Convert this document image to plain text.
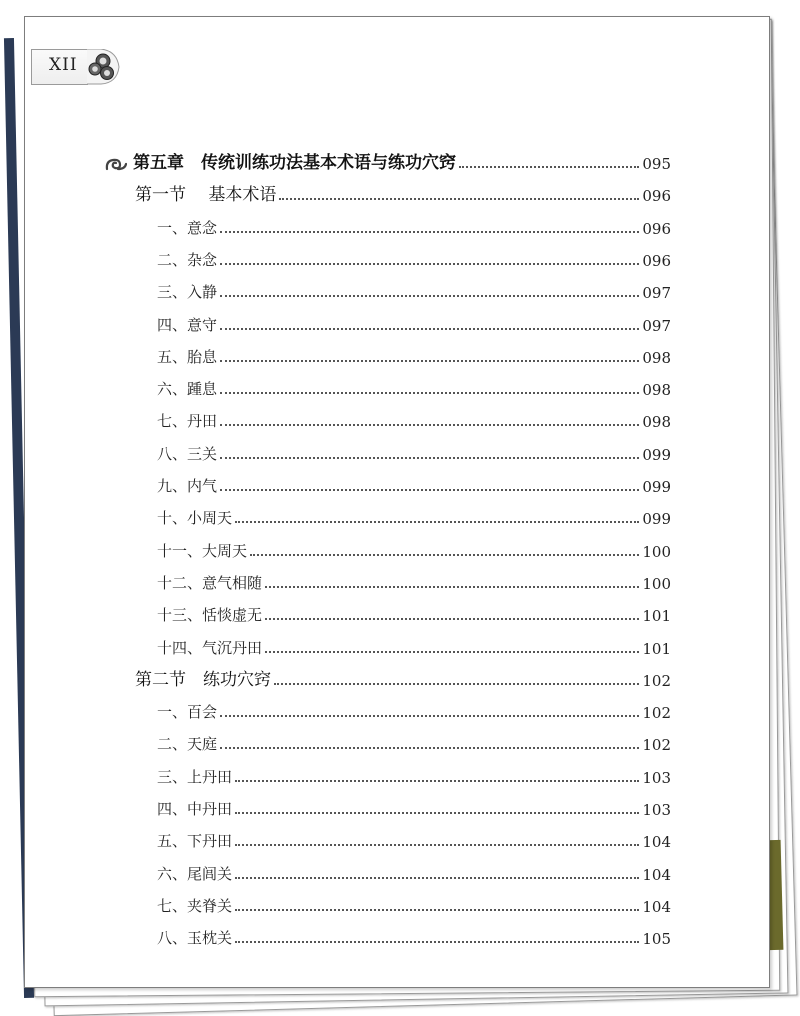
XII
第五章　传统训练功法基本术语与练功穴窍	095
第一节　 基本术语	096
一、意念	096
二、杂念	096
三、入静	097
四、意守	097
五、胎息	098
六、踵息	098
七、丹田	098
八、三关	099
九、内气	099
十、小周天	099
十一、大周天	100
十二、意气相随	100
十三、恬惔虚无	101
十四、气沉丹田	101
第二节　练功穴窍	102
一、百会	102
二、天庭	102
三、上丹田	103
四、中丹田	103
五、下丹田	104
六、尾闾关	104
七、夹脊关	104
八、玉枕关	105
